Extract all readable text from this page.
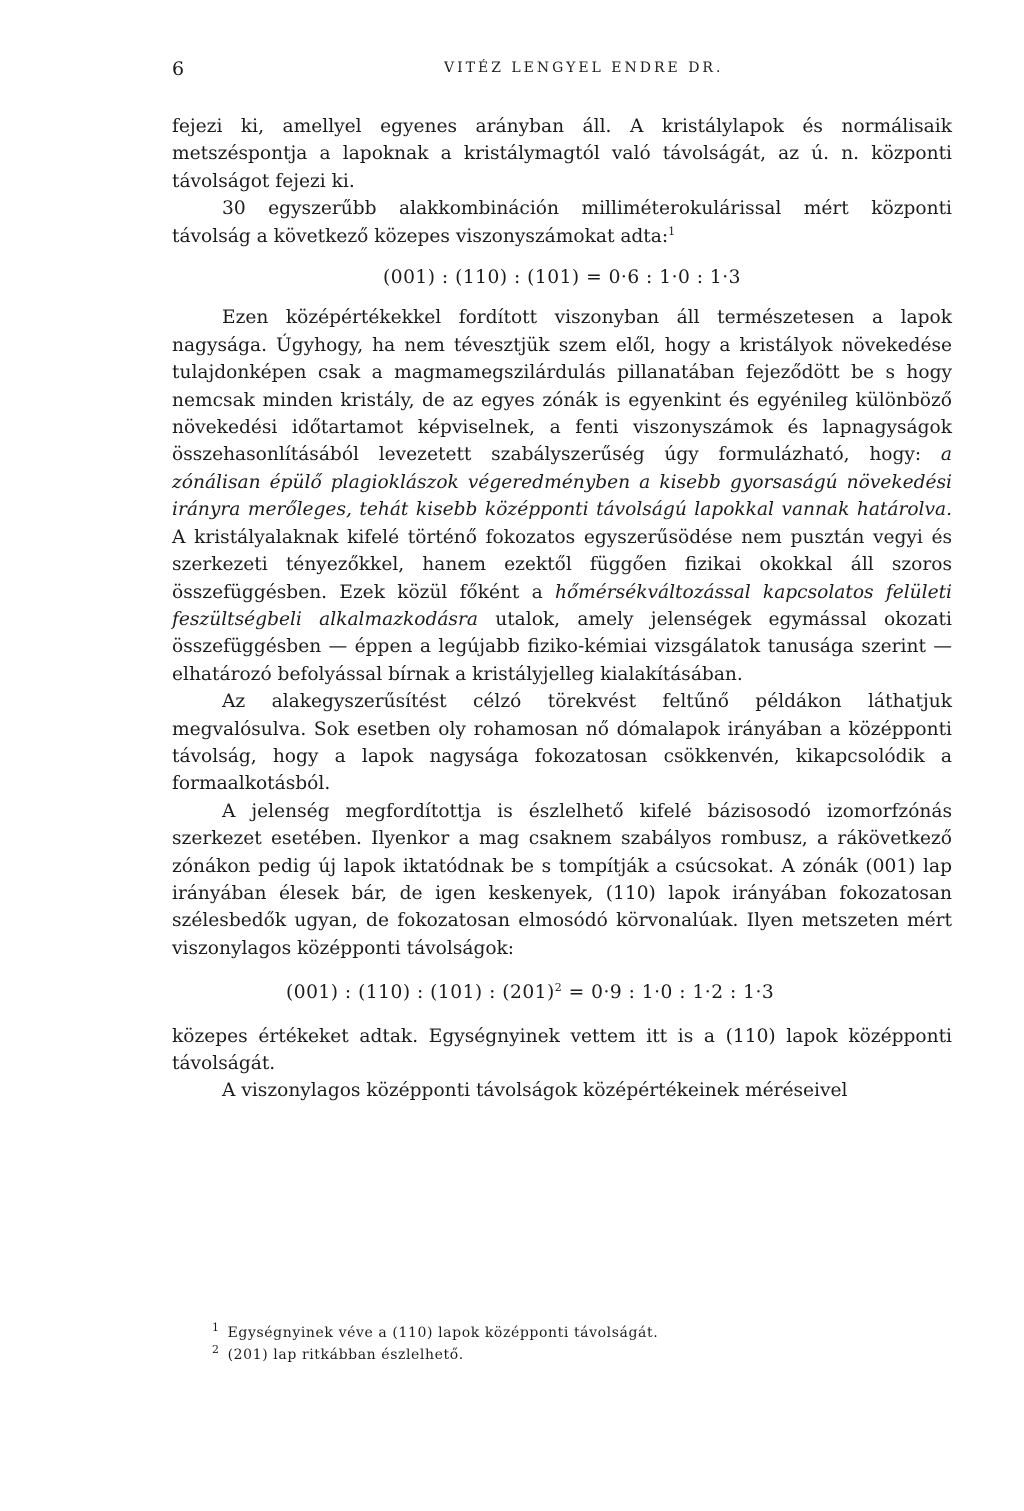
6	VITÉZ LENGYEL ENDRE DR.

fejezi ki, amellyel egyenes arányban áll. A kristálylapok és normálisaik metszéspontja a lapoknak a kristálymagtól való távolságát, az ú. n. központi távolságot fejezi ki.

30 egyszerűbb alakkombináción milliméterokulárissal mért központi távolság a következő közepes viszonyszámokat adta:$^1$

(001) : (110) : (101) = 0·6 : 1·0 : 1·3

Ezen középértékekkel fordított viszonyban áll természetesen a lapok nagysága. Úgyhogy, ha nem tévesztjük szem elől, hogy a kristályok növekedése tulajdonképen csak a magmamegszilárdulás pillanatában fejeződött be s hogy nemcsak minden kristály, de az egyes zónák is egyenkint és egyénileg különböző növekedési időtartamot képviselnek, a fenti viszonyszámok és lapnagyságok összehasonlításából levezetett szabályszerűség úgy formulázható, hogy: a zónálisan épülő plagioklászok végeredményben a kisebb gyorsaságú növekedési irányra merőleges, tehát kisebb középponti távolságú lapokkal vannak határolva. A kristályalaknak kifelé történő fokozatos egyszerűsödése nem pusztán vegyi és szerkezeti tényezőkkel, hanem ezektől függően fizikai okokkal áll szoros összefüggésben. Ezek közül főként a hőmérsékváltozással kapcsolatos felületi feszültségbeli alkalmazkodásra utalok, amely jelenségek egymással okozati összefüggésben — éppen a legújabb fiziko-kémiai vizsgálatok tanusága szerint — elhatározó befolyással bírnak a kristályjelleg kialakításában.

Az alakegyszerűsítést célzó törekvést feltűnő példákon láthatjuk megvalósulva. Sok esetben oly rohamosan nő dómalapok irányában a középponti távolság, hogy a lapok nagysága fokozatosan csökkenvén, kikapcsolódik a formaalkotásból.

A jelenség megfordítottja is észlelhető kifelé bázisosodó izomorfzónás szerkezet esetében. Ilyenkor a mag csaknem szabályos rombusz, a rákövetkező zónákon pedig új lapok iktatódnak be s tompítják a csúcsokat. A zónák (001) lap irányában élesek bár, de igen keskenyek, (110) lapok irányában fokozatosan szélesbedők ugyan, de fokozatosan elmosódó körvonalúak. Ilyen metszeten mért viszonylagos középponti távolságok:

(001) : (110) : (101) : $(201)^2 = 0\cdot 9$ : 1·0 : 1·2 : 1·3

közepes értékeket adtak. Egységnyinek vettem itt is a (110) lapok középponti távolságát.

A viszonylagos középponti távolságok középértékeinek méréseivel

$^1$ Egységnyinek véve a (110) lapok középponti távolságát.

$^2$ (201) lap ritkábban észlelhető.
